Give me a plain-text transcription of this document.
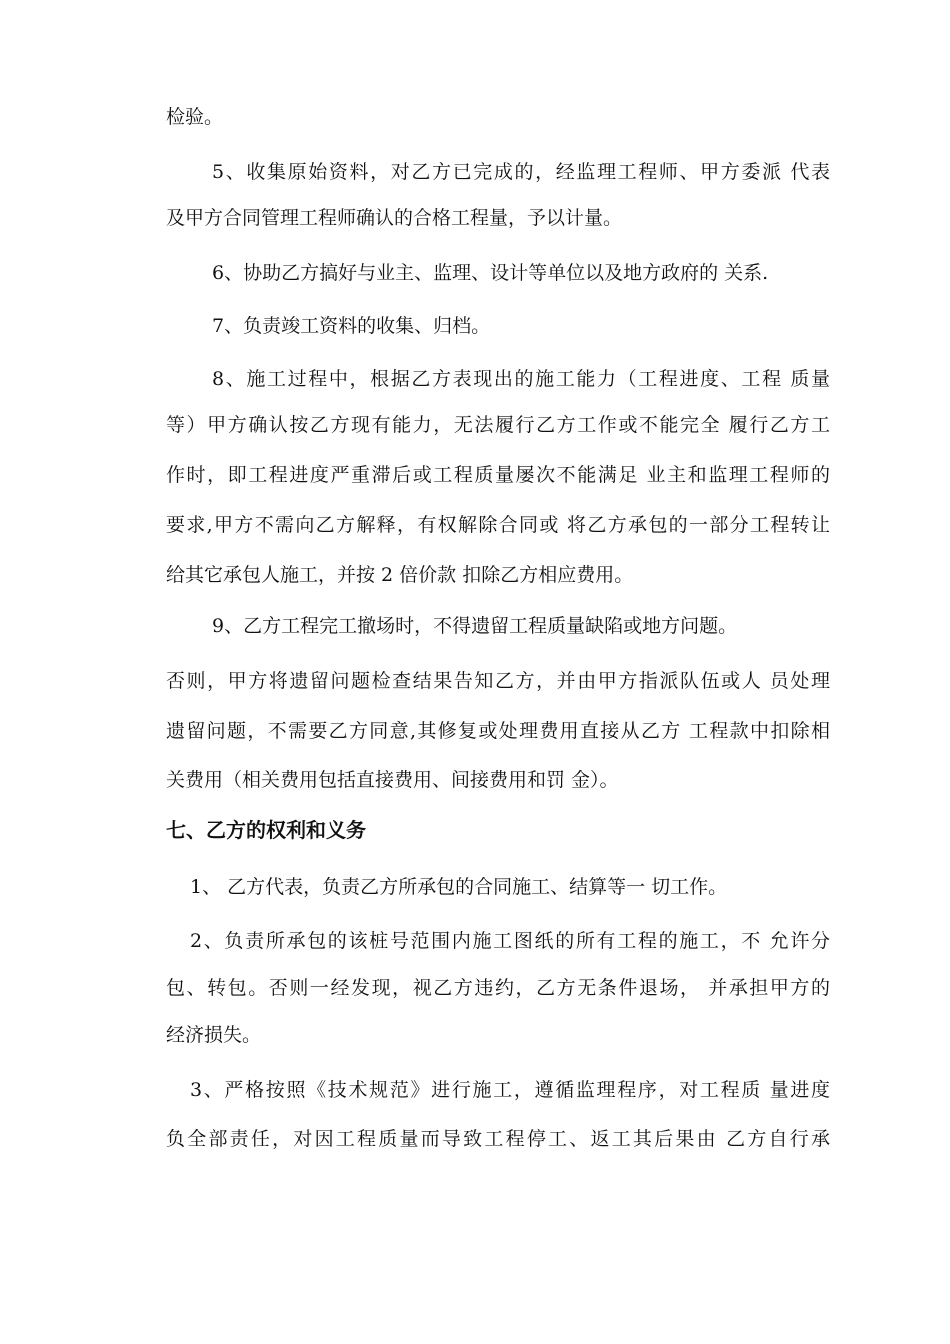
检验。
5、收集原始资料，对乙方已完成的，经监理工程师、甲方委派 代表
及甲方合同管理工程师确认的合格工程量，予以计量。
6、协助乙方搞好与业主、监理、设计等单位以及地方政府的 关系.
7、负责竣工资料的收集、归档。
8、施工过程中，根据乙方表现出的施工能力（工程进度、工程 质量
等）甲方确认按乙方现有能力，无法履行乙方工作或不能完全 履行乙方工
作时，即工程进度严重滞后或工程质量屡次不能满足 业主和监理工程师的
要求,甲方不需向乙方解释，有权解除合同或 将乙方承包的一部分工程转让
给其它承包人施工，并按 2 倍价款 扣除乙方相应费用。
9、乙方工程完工撤场时，不得遗留工程质量缺陷或地方问题。
否则，甲方将遗留问题检查结果告知乙方，并由甲方指派队伍或人 员处理
遗留问题，不需要乙方同意,其修复或处理费用直接从乙方 工程款中扣除相
关费用（相关费用包括直接费用、间接费用和罚 金）。
七、乙方的权利和义务
1、 乙方代表，负责乙方所承包的合同施工、结算等一 切工作。
2、负责所承包的该桩号范围内施工图纸的所有工程的施工，不 允许分
包、转包。否则一经发现，视乙方违约，乙方无条件退场， 并承担甲方的
经济损失。
3、严格按照《技术规范》进行施工，遵循监理程序，对工程质 量进度
负全部责任，对因工程质量而导致工程停工、返工其后果由 乙方自行承
